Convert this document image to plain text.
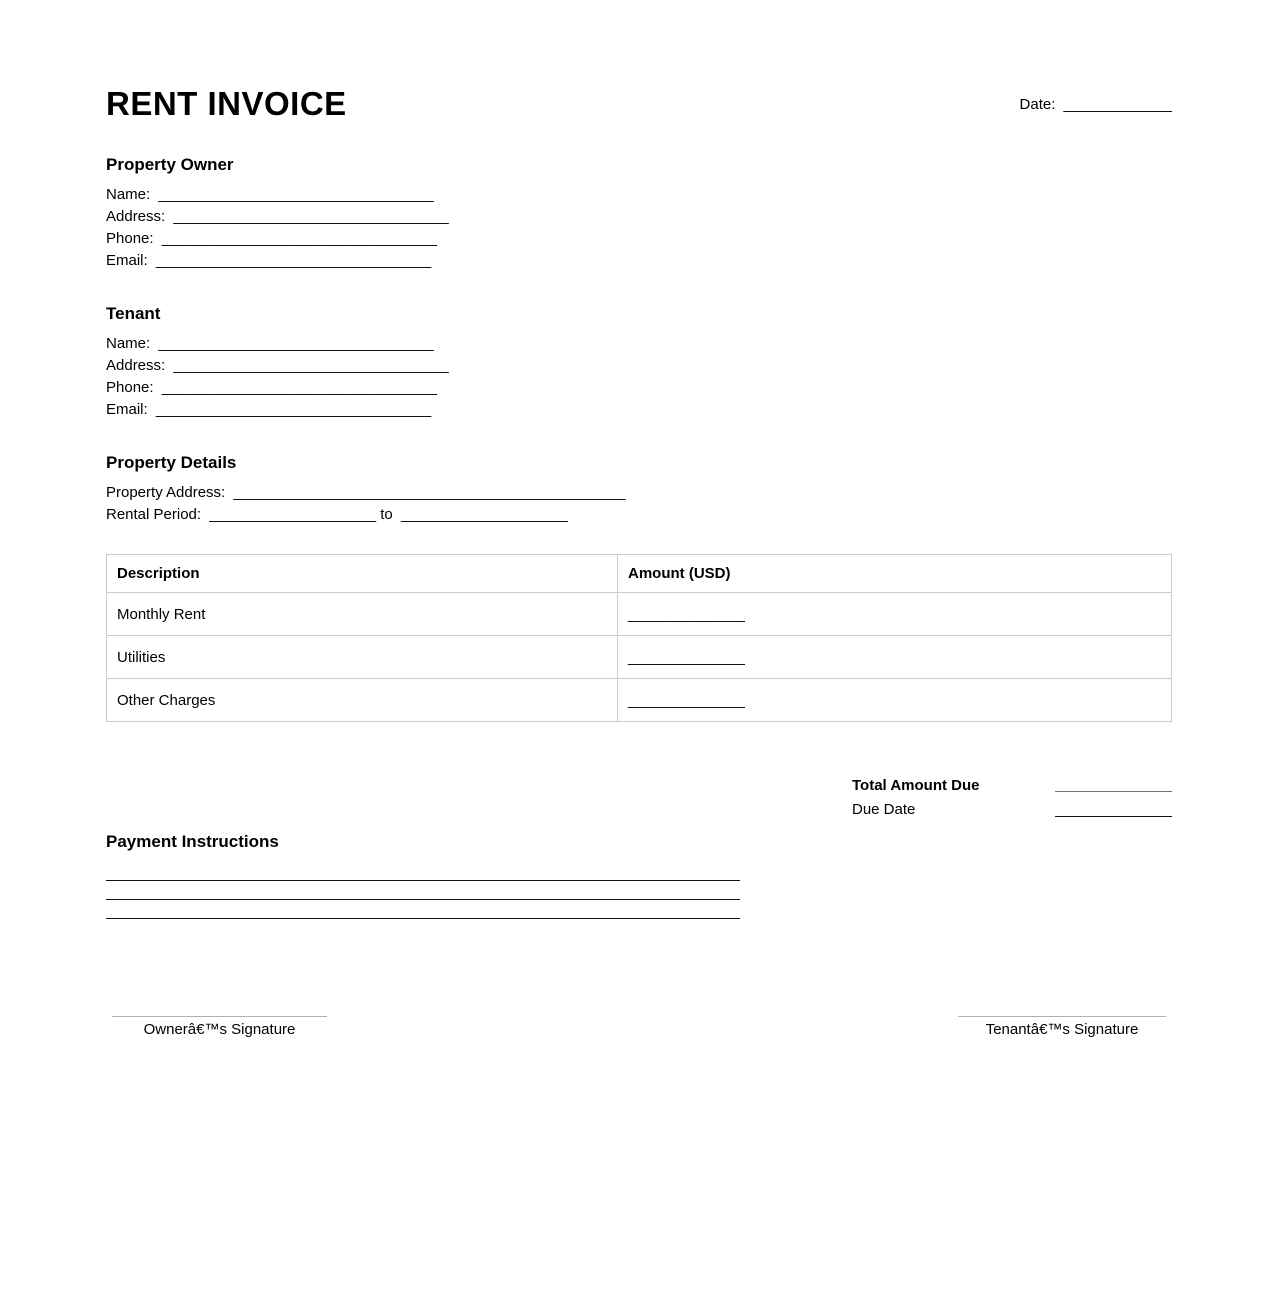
RENT INVOICE	Date: _____________
Property Owner
Name: _________________________________
Address: _________________________________
Phone: _________________________________
Email: _________________________________
Tenant
Name: _________________________________
Address: _________________________________
Phone: _________________________________
Email: _________________________________
Property Details
Property Address: _______________________________________________
Rental Period: ____________________ to ____________________
Description	Amount (USD)
Monthly Rent	______________
Utilities	______________
Other Charges	______________
Total Amount Due	______________
Due Date	______________
Payment Instructions
____________________________________________________________________________
____________________________________________________________________________
____________________________________________________________________________
Ownerâ€™s Signature	Tenantâ€™s Signature
